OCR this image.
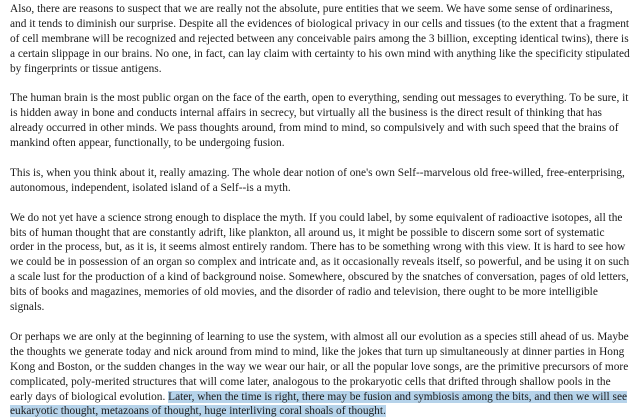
Also, there are reasons to suspect that we are really not the absolute, pure entities that we seem. We have some sense of ordinariness, and it tends to diminish our surprise. Despite all the evidences of biological privacy in our cells and tissues (to the extent that a fragment of cell membrane will be recognized and rejected between any conceivable pairs among the 3 billion, excepting identical twins), there is a certain slippage in our brains. No one, in fact, can lay claim with certainty to his own mind with anything like the specificity stipulated by fingerprints or tissue antigens.

The human brain is the most public organ on the face of the earth, open to everything, sending out messages to everything. To be sure, it is hidden away in bone and conducts internal affairs in secrecy, but virtually all the business is the direct result of thinking that has already occurred in other minds. We pass thoughts around, from mind to mind, so compulsively and with such speed that the brains of mankind often appear, functionally, to be undergoing fusion.

This is, when you think about it, really amazing. The whole dear notion of one's own Self--marvelous old free-willed, free-enterprising, autonomous, independent, isolated island of a Self--is a myth.

We do not yet have a science strong enough to displace the myth. If you could label, by some equivalent of radioactive isotopes, all the bits of human thought that are constantly adrift, like plankton, all around us, it might be possible to discern some sort of systematic order in the process, but, as it is, it seems almost entirely random. There has to be something wrong with this view. It is hard to see how we could be in possession of an organ so complex and intricate and, as it occasionally reveals itself, so powerful, and be using it on such a scale lust for the production of a kind of background noise. Somewhere, obscured by the snatches of conversation, pages of old letters, bits of books and magazines, memories of old movies, and the disorder of radio and television, there ought to be more intelligible signals.

Or perhaps we are only at the beginning of learning to use the system, with almost all our evolution as a species still ahead of us. Maybe the thoughts we generate today and nick around from mind to mind, like the jokes that turn up simultaneously at dinner parties in Hong Kong and Boston, or the sudden changes in the way we wear our hair, or all the popular love songs, are the primitive precursors of more complicated, poly-merited structures that will come later, analogous to the prokaryotic cells that drifted through shallow pools in the early days of biological evolution. Later, when the time is right, there may be fusion and symbiosis among the bits, and then we will see eukaryotic thought, metazoans of thought, huge interliving coral shoals of thought.
